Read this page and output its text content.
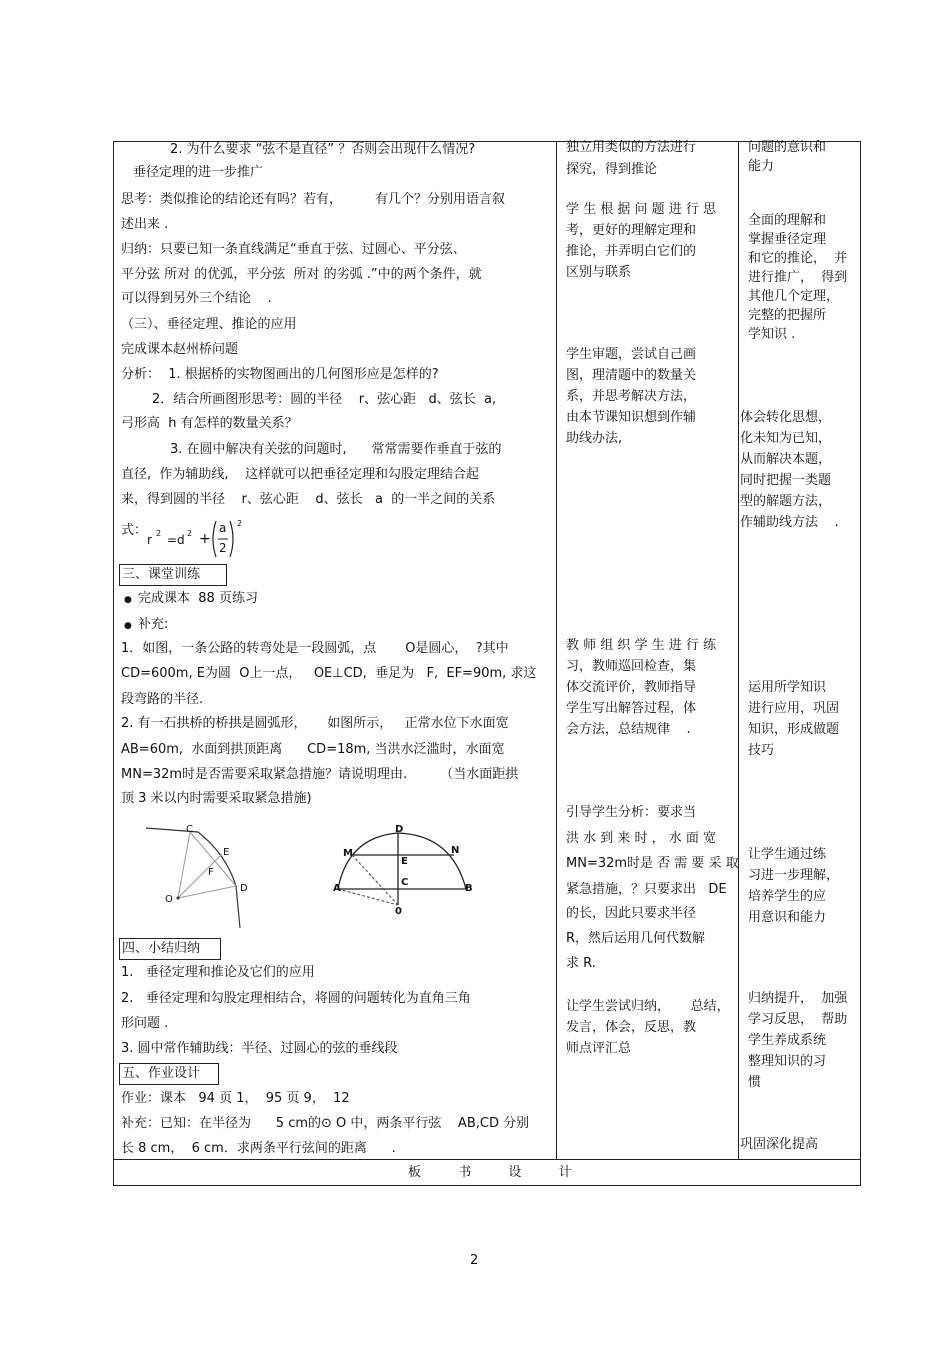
2. 为什么要求 “弦不是直径” ？否则会出现什么情况?
垂径定理的进一步推广
思考：类似推论的结论还有吗？若有，        有几个？分别用语言叙
述出来 .
归纳：只要已知一条直线满足“垂直于弦、过圆心、平分弦、
平分弦 所对 的优弧，平分弦  所对 的劣弧 .”中的两个条件，就
可以得到另外三个结论    .
（三）、垂径定理、推论的应用
完成课本赵州桥问题
分析：  1. 根据桥的实物图画出的几何图形应是怎样的?
2．结合所画图形思考：圆的半径    r、弦心距   d、弦长  a,
弓形高  h 有怎样的数量关系？
3. 在圆中解决有关弦的问题时,      常常需要作垂直于弦的
直径,  作为辅助线,    这样就可以把垂径定理和勾股定理结合起
来，得到圆的半径    r、弦心距    d、弦长   a  的一半之间的关系
式：
r 2 =d 2 +
a
2
2
三、课堂训练
● 完成课本  88 页练习
● 补充:
1．如图，一条公路的转弯处是一段圆弧，点       O是圆心，  ?其中
CD=600m, E为圆  O上一点，   OE⊥CD,  垂足为   F,  EF=90m, 求这
段弯路的半径.
2. 有一石拱桥的桥拱是圆弧形，     如图所示，   正常水位下水面宽
AB=60m,  水面到拱顶距离      CD=18m, 当洪水泛滥时，水面宽
MN=32m时是否需要采取紧急措施？请说明理由.        （当水面距拱
顶 3 米以内时需要采取紧急措施)
C
E
F
O
D
D
M	N
E
A
C
B
0
四、小结归纳
1.   垂径定理和推论及它们的应用
2.   垂径定理和勾股定理相结合，将圆的问题转化为直角三角
形问题 .
3. 圆中常作辅助线：半径、过圆心的弦的垂线段
五、作业设计
作业：课本   94 页 1，  95 页 9，  12
补充：已知：在半径为      5 cm的⊙ O 中，两条平行弦    AB,CD 分别
长 8 cm，  6 cm．求两条平行弦间的距离      .
独立用类似的方法进行
探究，得到推论
学 生 根 据 问 题 进 行 思
考，更好的理解定理和
推论，并弄明白它们的
区别与联系
学生审题，尝试自己画
图，理清题中的数量关
系，并思考解决方法，
由本节课知识想到作辅
助线办法,
教 师 组 织 学 生 进 行 练
习，教师巡回检查，集
体交流评价，教师指导
学生写出解答过程，体
会方法，总结规律    .
引导学生分析：要求当
洪 水 到 来 时 ， 水 面 宽
MN=32m时是 否 需 要 采 取
紧急措施，？只要求出   DE
的长，因此只要求半径
R，然后运用几何代数解
求 R.
让学生尝试归纳，     总结，
发言，体会，反思，教
师点评汇总
问题的意识和
能力
全面的理解和
掌握垂径定理
和它的推论，  并
进行推广，  得到
其他几个定理，
完整的把握所
学知识 .
体会转化思想，
化未知为已知，
从而解决本题，
同时把握一类题
型的解题方法，
作辅助线方法    .
运用所学知识
进行应用，巩固
知识，形成做题
技巧
让学生通过练
习进一步理解，
培养学生的应
用意识和能力
归纳提升，  加强
学习反思，  帮助
学生养成系统
整理知识的习
惯
巩固深化提高
板         书         设         计
2
